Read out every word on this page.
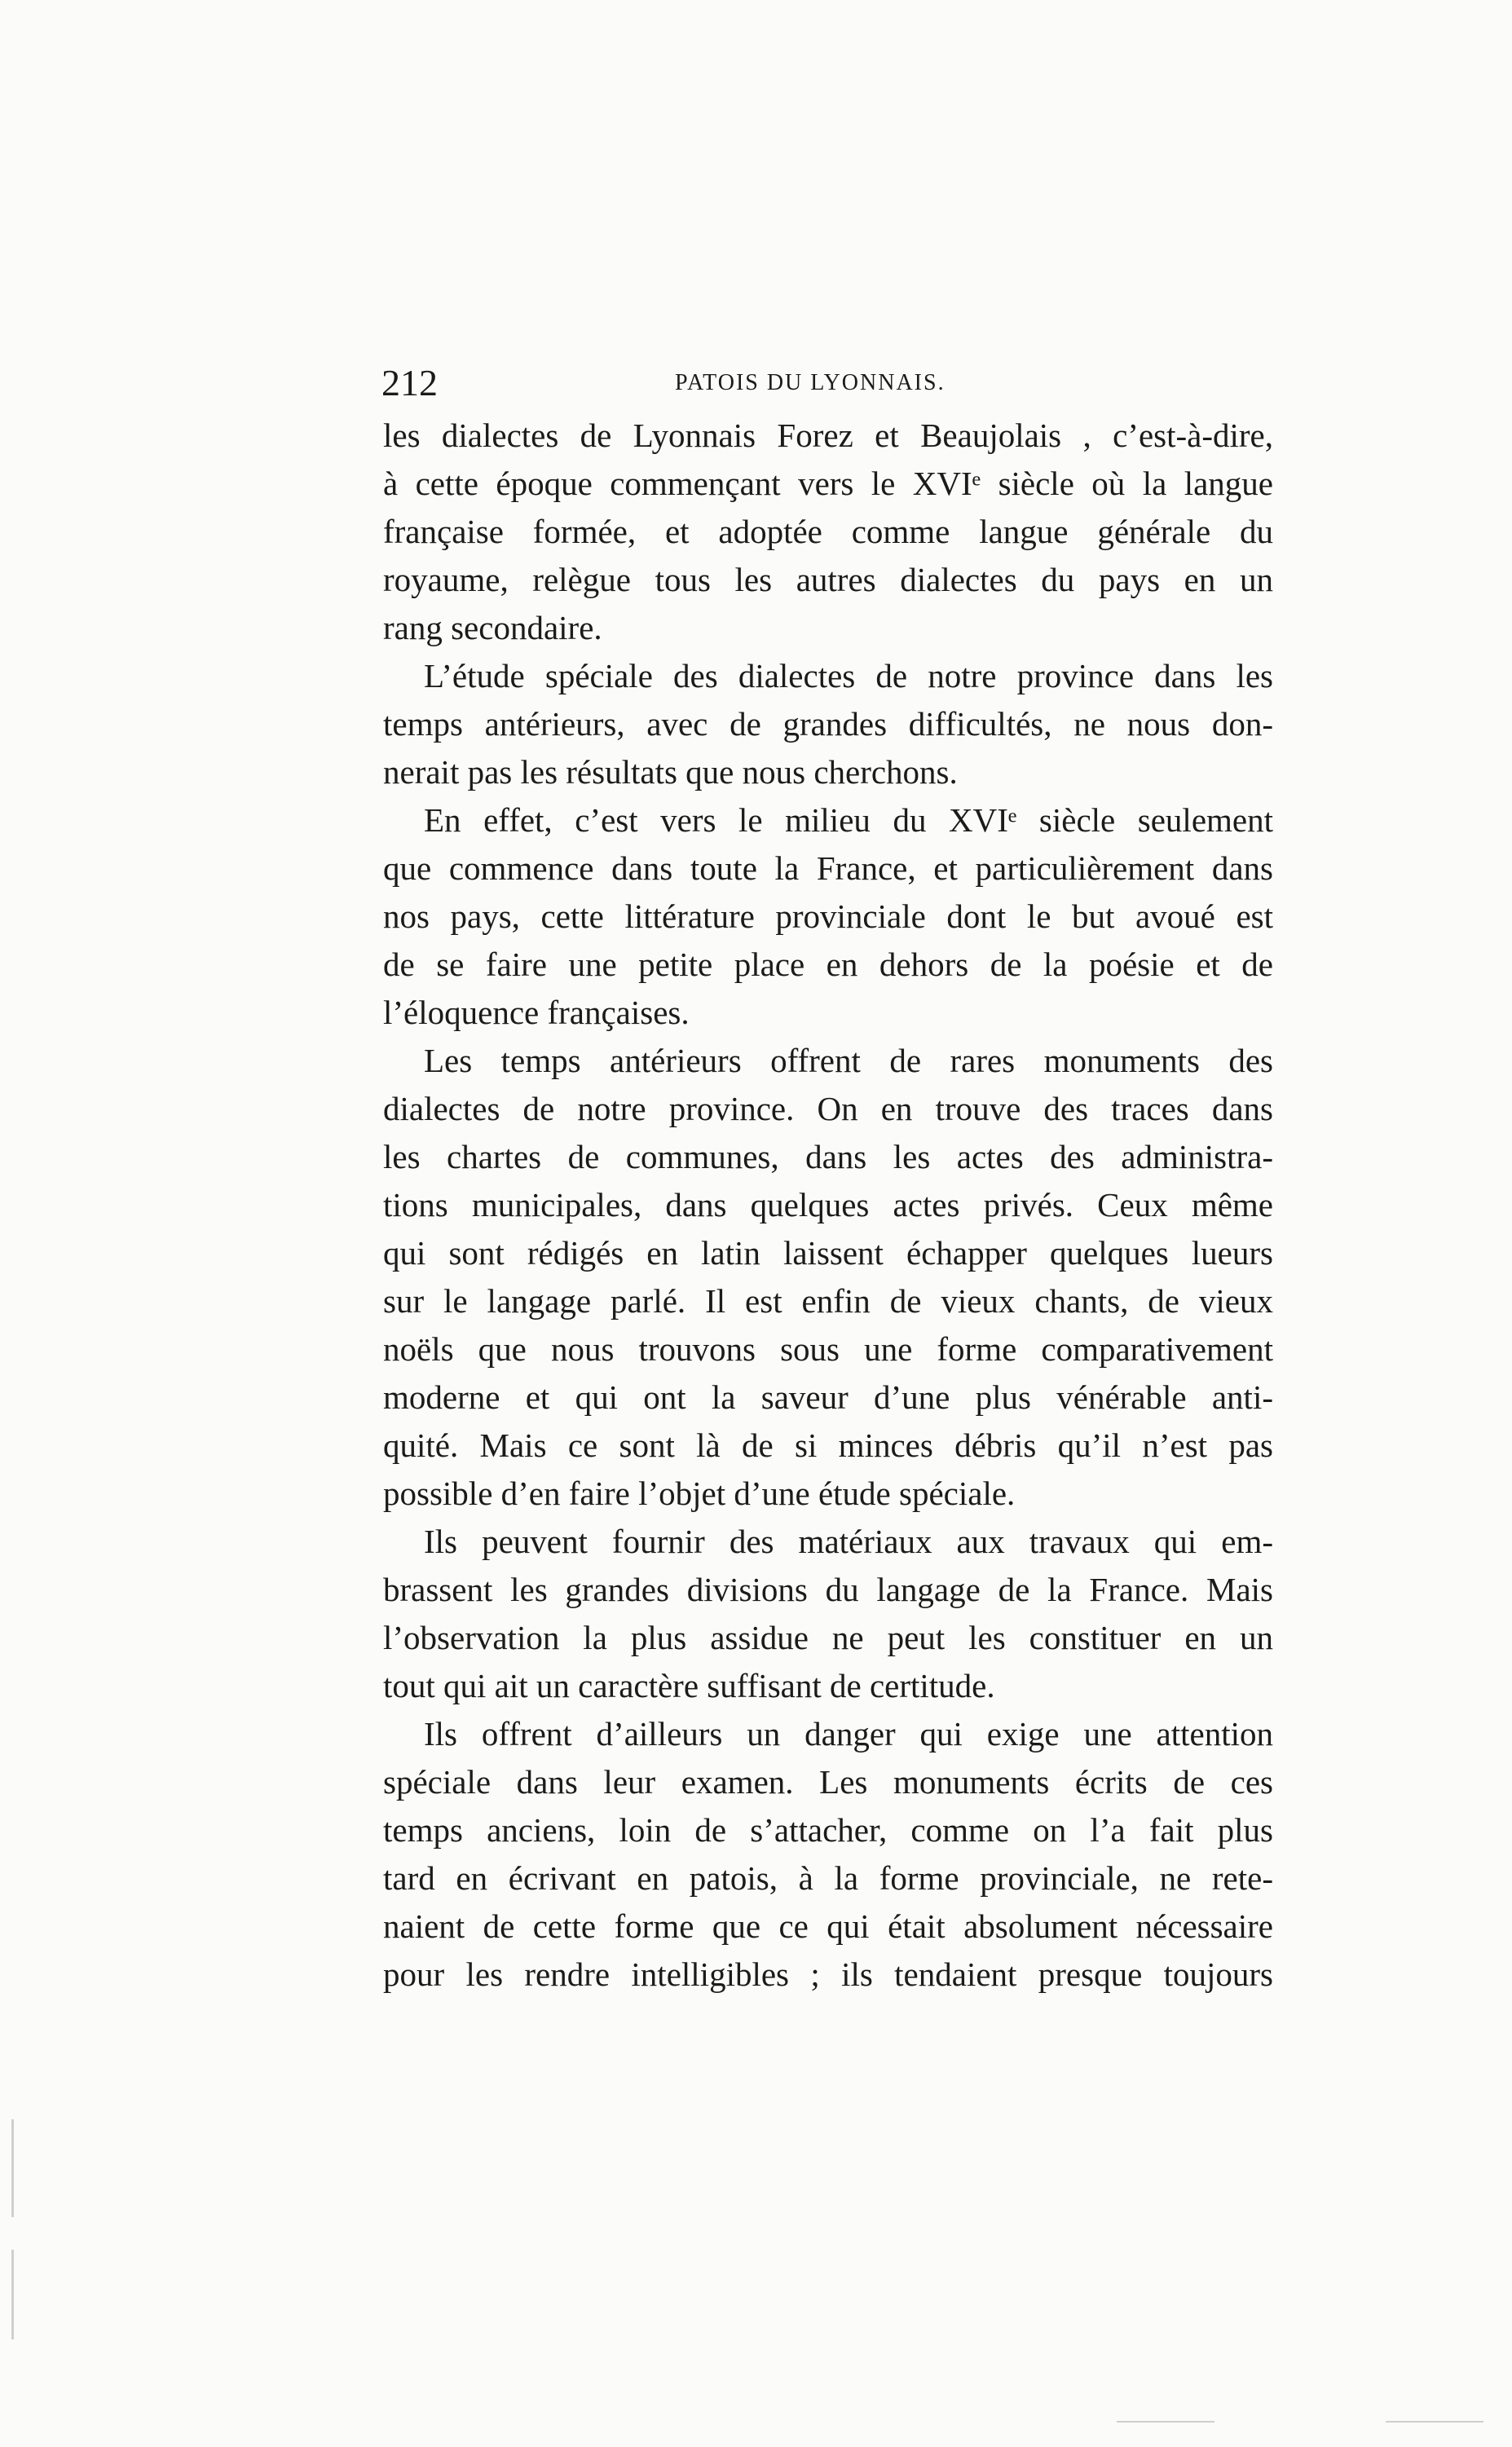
212	PATOIS DU LYONNAIS.
les dialectes de Lyonnais Forez et Beaujolais , c’est-à-dire,
à cette époque commençant vers le XVIᵉ siècle où la langue
française formée, et adoptée comme langue générale du
royaume, relègue tous les autres dialectes du pays en un
rang secondaire.
L’étude spéciale des dialectes de notre province dans les
temps antérieurs, avec de grandes difficultés, ne nous don-
nerait pas les résultats que nous cherchons.
En effet, c’est vers le milieu du XVIᵉ siècle seulement
que commence dans toute la France, et particulièrement dans
nos pays, cette littérature provinciale dont le but avoué est
de se faire une petite place en dehors de la poésie et de
l’éloquence françaises.
Les temps antérieurs offrent de rares monuments des
dialectes de notre province. On en trouve des traces dans
les chartes de communes, dans les actes des administra-
tions municipales, dans quelques actes privés. Ceux même
qui sont rédigés en latin laissent échapper quelques lueurs
sur le langage parlé. Il est enfin de vieux chants, de vieux
noëls que nous trouvons sous une forme comparativement
moderne et qui ont la saveur d’une plus vénérable anti-
quité. Mais ce sont là de si minces débris qu’il n’est pas
possible d’en faire l’objet d’une étude spéciale.
Ils peuvent fournir des matériaux aux travaux qui em-
brassent les grandes divisions du langage de la France. Mais
l’observation la plus assidue ne peut les constituer en un
tout qui ait un caractère suffisant de certitude.
Ils offrent d’ailleurs un danger qui exige une attention
spéciale dans leur examen. Les monuments écrits de ces
temps anciens, loin de s’attacher, comme on l’a fait plus
tard en écrivant en patois, à la forme provinciale, ne rete-
naient de cette forme que ce qui était absolument nécessaire
pour les rendre intelligibles ; ils tendaient presque toujours
